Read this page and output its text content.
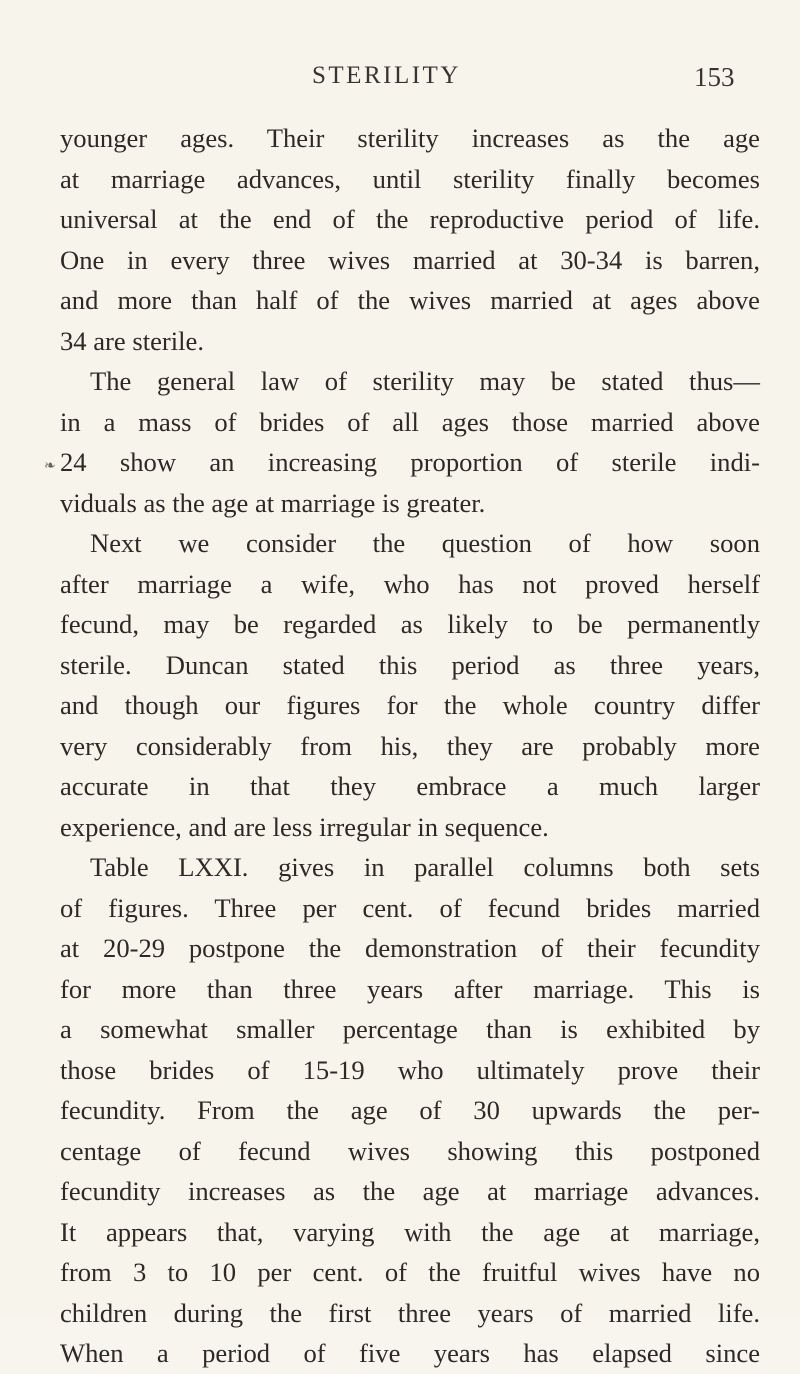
STERILITY	153
❧
younger ages. Their sterility increases as the age
at marriage advances, until sterility finally becomes
universal at the end of the reproductive period of life.
One in every three wives married at 30-34 is barren,
and more than half of the wives married at ages above
34 are sterile.
The general law of sterility may be stated thus—
in a mass of brides of all ages those married above
24 show an increasing proportion of sterile indi-
viduals as the age at marriage is greater.
Next we consider the question of how soon
after marriage a wife, who has not proved herself
fecund, may be regarded as likely to be permanently
sterile. Duncan stated this period as three years,
and though our figures for the whole country differ
very considerably from his, they are probably more
accurate in that they embrace a much larger
experience, and are less irregular in sequence.
Table LXXI. gives in parallel columns both sets
of figures. Three per cent. of fecund brides married
at 20-29 postpone the demonstration of their fecundity
for more than three years after marriage. This is
a somewhat smaller percentage than is exhibited by
those brides of 15-19 who ultimately prove their
fecundity. From the age of 30 upwards the per-
centage of fecund wives showing this postponed
fecundity increases as the age at marriage advances.
It appears that, varying with the age at marriage,
from 3 to 10 per cent. of the fruitful wives have no
children during the first three years of married life.
When a period of five years has elapsed since
